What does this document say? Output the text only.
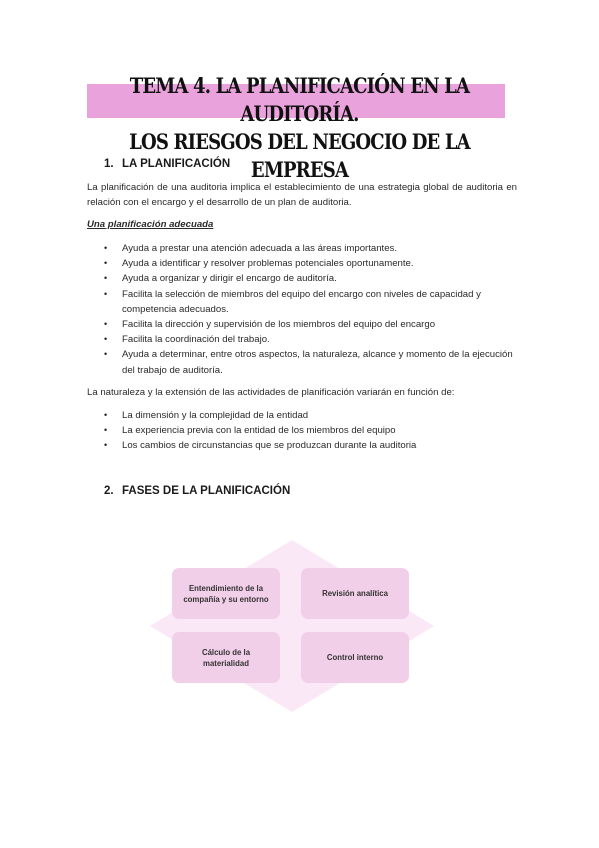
TEMA 4. LA PLANIFICACIÓN EN LA AUDITORÍA.
LOS RIESGOS DEL NEGOCIO DE LA EMPRESA
1. LA PLANIFICACIÓN

La planificación de una auditoria implica el establecimiento de una estrategia global de auditoria en relación con el encargo y el desarrollo de un plan de auditoria.

Una planificación adecuada

• Ayuda a prestar una atención adecuada a las áreas importantes.
• Ayuda a identificar y resolver problemas potenciales oportunamente.
• Ayuda a organizar y dirigir el encargo de auditoría.
• Facilita la selección de miembros del equipo del encargo con niveles de capacidad y competencia adecuados.
• Facilita la dirección y supervisión de los miembros del equipo del encargo
• Facilita la coordinación del trabajo.
• Ayuda a determinar, entre otros aspectos, la naturaleza, alcance y momento de la ejecución del trabajo de auditoría.

La naturaleza y la extensión de las actividades de planificación variarán en función de:

• La dimensión y la complejidad de la entidad
• La experiencia previa con la entidad de los miembros del equipo
• Los cambios de circunstancias que se produzcan durante la auditoria
2. FASES DE LA PLANIFICACIÓN
Entendimiento de la compañía y su entorno
Revisión analítica
Cálculo de la materialidad
Control interno
